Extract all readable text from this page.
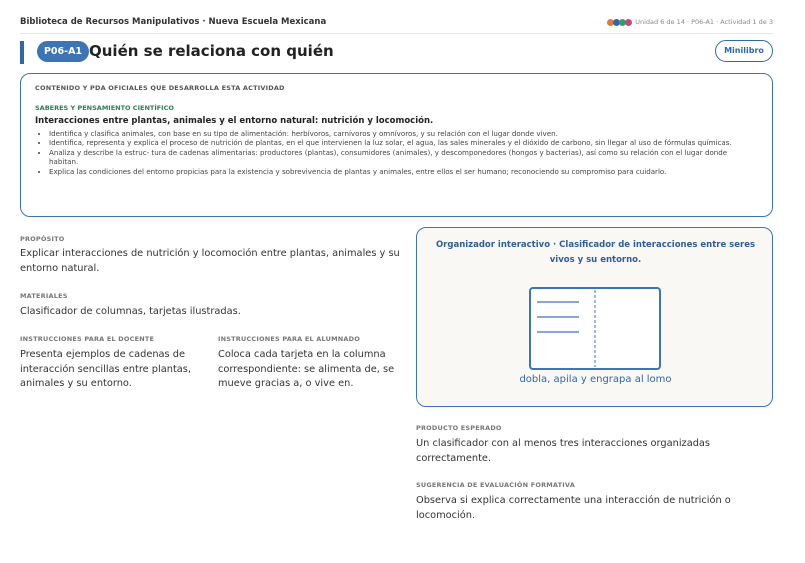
Biblioteca de Recursos Manipulativos · Nueva Escuela Mexicana	Unidad 6 de 14 · P06-A1 · Actividad 1 de 3
P06-A1 Quién se relaciona con quién	Minilibro
CONTENIDO Y PDA OFICIALES QUE DESARROLLA ESTA ACTIVIDAD
SABERES Y PENSAMIENTO CIENTÍFICO
Interacciones entre plantas, animales y el entorno natural: nutrición y locomoción.
• Identifica y clasifica animales, con base en su tipo de alimentación: herbívoros, carnívoros y omnívoros, y su relación con el lugar donde viven.
• Identifica, representa y explica el proceso de nutrición de plantas, en el que intervienen la luz solar, el agua, las sales minerales y el dióxido de carbono, sin llegar al uso de fórmulas químicas.
• Analiza y describe la estruc- tura de cadenas alimentarias: productores (plantas), consumidores (animales), y descomponedores (hongos y bacterias), así como su relación con el lugar donde habitan.
• Explica las condiciones del entorno propicias para la existencia y sobrevivencia de plantas y animales, entre ellos el ser humano; reconociendo su compromiso para cuidarlo.
PROPÓSITO
Explicar interacciones de nutrición y locomoción entre plantas, animales y su entorno natural.
MATERIALES
Clasificador de columnas, tarjetas ilustradas.
INSTRUCCIONES PARA EL DOCENTE
Presenta ejemplos de cadenas de interacción sencillas entre plantas, animales y su entorno.
INSTRUCCIONES PARA EL ALUMNADO
Coloca cada tarjeta en la columna correspondiente: se alimenta de, se mueve gracias a, o vive en.
Organizador interactivo · Clasificador de interacciones entre seres vivos y su entorno.
dobla, apila y engrapa al lomo
PRODUCTO ESPERADO
Un clasificador con al menos tres interacciones organizadas correctamente.
SUGERENCIA DE EVALUACIÓN FORMATIVA
Observa si explica correctamente una interacción de nutrición o locomoción.
